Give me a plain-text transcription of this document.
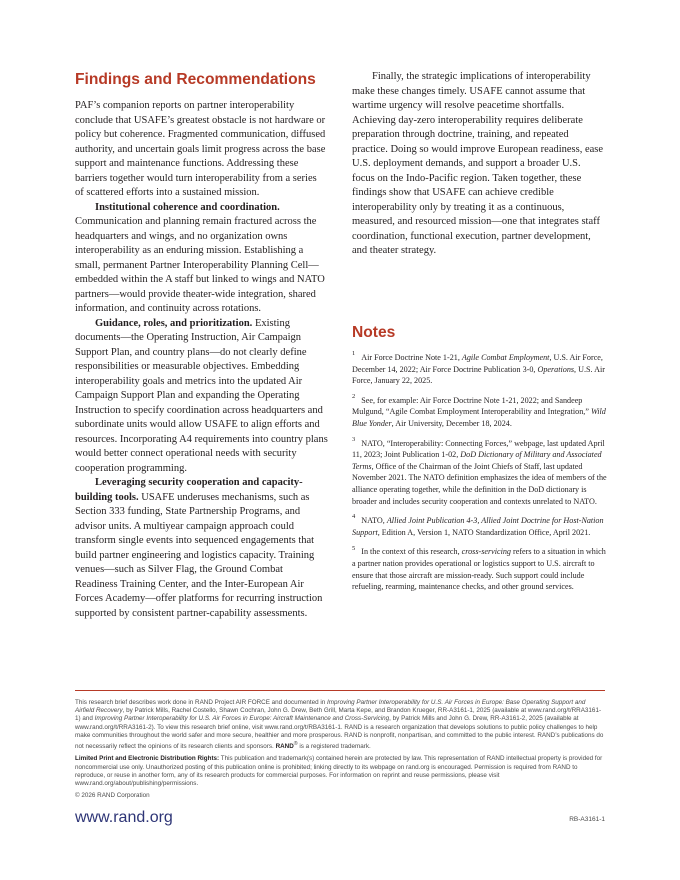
Findings and Recommendations

PAF’s companion reports on partner interoperability conclude that USAFE’s greatest obstacle is not hardware or policy but coherence. Fragmented communication, diffused authority, and uncertain goals limit progress across the base support and maintenance functions. Addressing these barriers together would turn interoperability from a series of scattered efforts into a sustained mission.

Institutional coherence and coordination. Communication and planning remain fractured across the headquarters and wings, and no organization owns interoperability as an enduring mission. Establishing a small, permanent Partner Interoperability Planning Cell—embedded within the A staff but linked to wings and NATO partners—would provide theater-wide integration, shared information, and continuity across rotations.

Guidance, roles, and prioritization. Existing documents—the Operating Instruction, Air Campaign Support Plan, and country plans—do not clearly define responsibilities or measurable objectives. Embedding interoperability goals and metrics into the updated Air Campaign Support Plan and expanding the Operating Instruction to specify coordination across headquarters and subordinate units would allow USAFE to align efforts and resources. Incorporating A4 requirements into country plans would better connect operational needs with security cooperation programming.

Leveraging security cooperation and capacity-building tools. USAFE underuses mechanisms, such as Section 333 funding, State Partnership Programs, and advisor units. A multiyear campaign approach could transform single events into sequenced engagements that build partner engineering and logistics capacity. Training venues—such as Silver Flag, the Ground Combat Readiness Training Center, and the Inter-European Air Forces Academy—offer platforms for recurring instruction supported by consistent partner-capability assessments.

Finally, the strategic implications of interoperability make these changes timely. USAFE cannot assume that wartime urgency will resolve peacetime shortfalls. Achieving day-zero interoperability requires deliberate preparation through doctrine, training, and repeated practice. Doing so would improve European readiness, ease U.S. deployment demands, and support a broader U.S. focus on the Indo-Pacific region. Taken together, these findings show that USAFE can achieve credible interoperability only by treating it as a continuous, measured, and resourced mission—one that integrates staff coordination, functional execution, partner development, and theater strategy.

Notes

$^1$ Air Force Doctrine Note 1-21, Agile Combat Employment, U.S. Air Force, December 14, 2022; Air Force Doctrine Publication 3-0, Operations, U.S. Air Force, January 22, 2025.

$^2$ See, for example: Air Force Doctrine Note 1-21, 2022; and Sandeep Mulgund, “Agile Combat Employment Interoperability and Integration,” Wild Blue Yonder, Air University, December 18, 2024.

$^3$ NATO, “Interoperability: Connecting Forces,” webpage, last updated April 11, 2023; Joint Publication 1-02, DoD Dictionary of Military and Associated Terms, Office of the Chairman of the Joint Chiefs of Staff, last updated November 2021. The NATO definition emphasizes the idea of members of the alliance operating together, while the definition in the DoD dictionary is broader and includes security cooperation and contexts unrelated to NATO.

$^4$ NATO, Allied Joint Publication 4-3, Allied Joint Doctrine for Host-Nation Support, Edition A, Version 1, NATO Standardization Office, April 2021.

$^5$ In the context of this research, cross-servicing refers to a situation in which a partner nation provides operational or logistics support to U.S. aircraft to ensure that those aircraft are mission-ready. Such support could include refueling, rearming, maintenance checks, and other ground services.

This research brief describes work done in RAND Project AIR FORCE and documented in Improving Partner Interoperability for U.S. Air Forces in Europe: Base Operating Support and Airfield Recovery, by Patrick Mills, Rachel Costello, Shawn Cochran, John G. Drew, Beth Grill, Marta Kepe, and Brandon Krueger, RR-A3161-1, 2025 (available at www.rand.org/t/RRA3161-1) and Improving Partner Interoperability for U.S. Air Forces in Europe: Aircraft Maintenance and Cross-Servicing, by Patrick Mills and John G. Drew, RR-A3161-2, 2025 (available at www.rand.org/t/RRA3161-2). To view this research brief online, visit www.rand.org/t/RBA3161-1. RAND is a research organization that develops solutions to public policy challenges to help make communities throughout the world safer and more secure, healthier and more prosperous. RAND is nonprofit, nonpartisan, and committed to the public interest. RAND’s publications do not necessarily reflect the opinions of its research clients and sponsors. RAND® is a registered trademark.

Limited Print and Electronic Distribution Rights: This publication and trademark(s) contained herein are protected by law. This representation of RAND intellectual property is provided for noncommercial use only. Unauthorized posting of this publication online is prohibited; linking directly to its webpage on rand.org is encouraged. Permission is required from RAND to reproduce, or reuse in another form, any of its research products for commercial purposes. For information on reprint and reuse permissions, please visit www.rand.org/about/publishing/permissions.

© 2026 RAND Corporation

www.rand.org	RB-A3161-1
